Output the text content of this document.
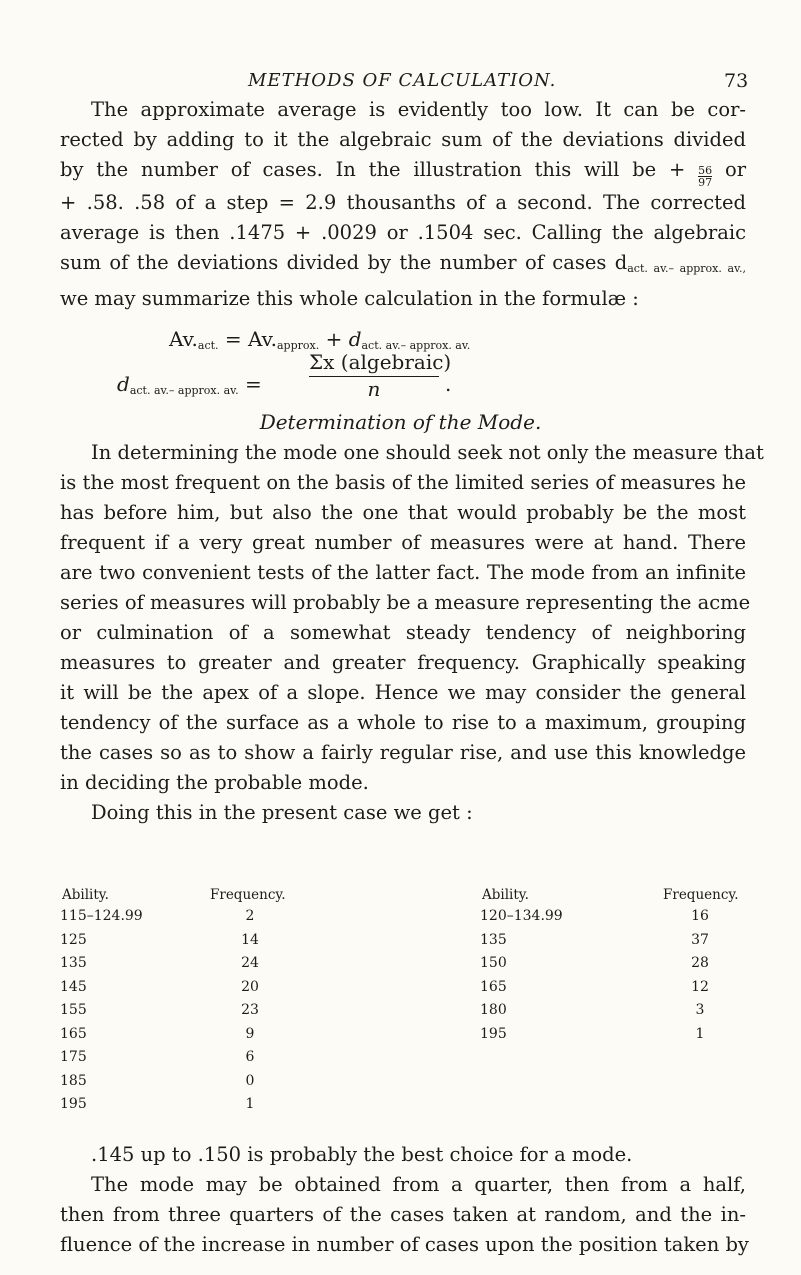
METHODS OF CALCULATION.	73
The approximate average is evidently too low. It can be cor-
rected by adding to it the algebraic sum of the deviations divided
by the number of cases. In the illustration this will be + $\frac{56}{97}$ or
+ .58. .58 of a step = 2.9 thousanths of a second. The corrected
average is then .1475 + .0029 or .1504 sec. Calling the algebraic
sum of the deviations divided by the number of cases $d_{act. av.- approx. av.,}$
we may summarize this whole calculation in the formulæ :
$Av._{act.} = Av._{approx.} + d_{act. av.- approx. av.}$
$d_{act. av.- approx. av.}$ =
Σx (algebraic)
n	.
Determination of the Mode.
In determining the mode one should seek not only the measure that
is the most frequent on the basis of the limited series of measures he
has before him, but also the one that would probably be the most
frequent if a very great number of measures were at hand. There
are two convenient tests of the latter fact. The mode from an infinite
series of measures will probably be a measure representing the acme
or culmination of a somewhat steady tendency of neighboring
measures to greater and greater frequency. Graphically speaking
it will be the apex of a slope. Hence we may consider the general
tendency of the surface as a whole to rise to a maximum, grouping
the cases so as to show a fairly regular rise, and use this knowledge
in deciding the probable mode.
Doing this in the present case we get :
Ability.	Frequency.	Ability.	Frequency.
115–124.99	2
125	14
135	24
145	20
155	23
165	9
175	6
185	0
195	1
120–134.99	16
135	37
150	28
165	12
180	3
195	1
.145 up to .150 is probably the best choice for a mode.
The mode may be obtained from a quarter, then from a half,
then from three quarters of the cases taken at random, and the in-
fluence of the increase in number of cases upon the position taken by
